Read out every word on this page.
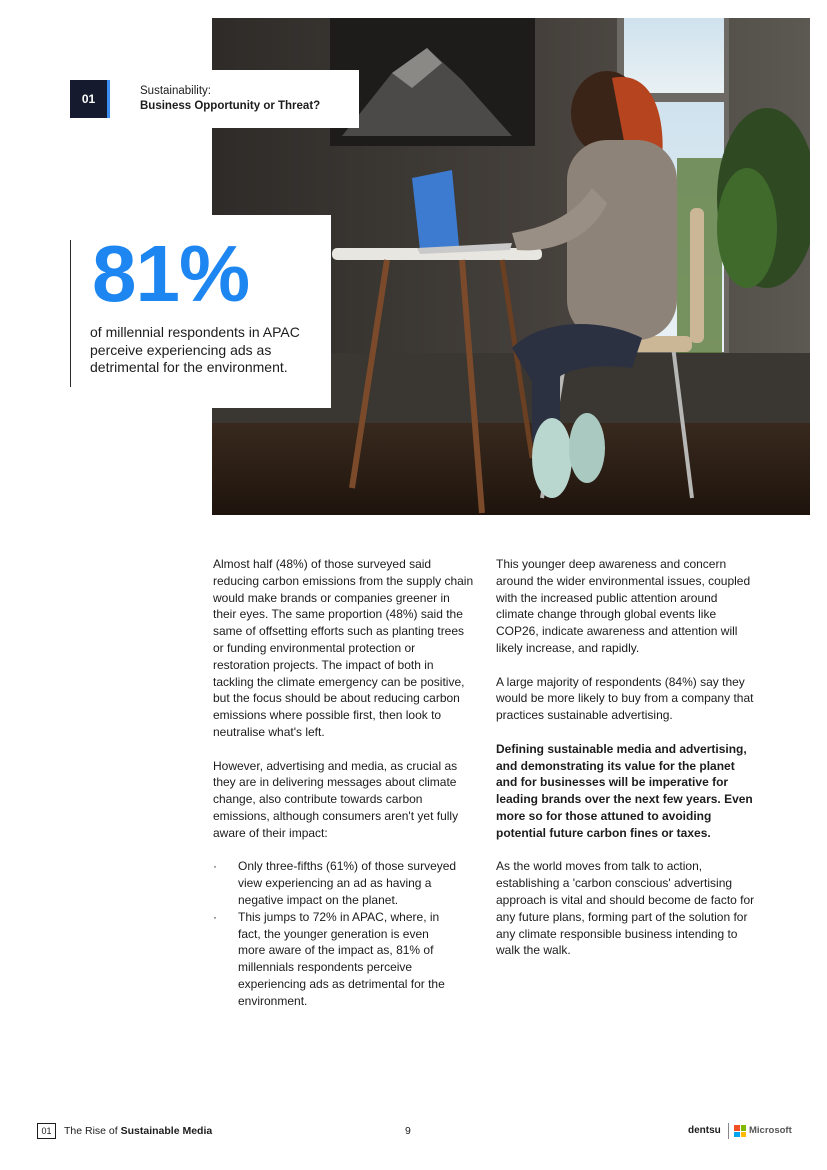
01
Sustainability:
Business Opportunity or Threat?
81%
of millennial respondents in APAC perceive experiencing ads as detrimental for the environment.

Almost half (48%) of those surveyed said reducing carbon emissions from the supply chain would make brands or companies greener in their eyes. The same proportion (48%) said the same of offsetting efforts such as planting trees or funding environmental protection or restoration projects. The impact of both in tackling the climate emergency can be positive, but the focus should be about reducing carbon emissions where possible first, then look to neutralise what's left.

However, advertising and media, as crucial as they are in delivering messages about climate change, also contribute towards carbon emissions, although consumers aren't yet fully aware of their impact:

· Only three-fifths (61%) of those surveyed view experiencing an ad as having a negative impact on the planet.
· This jumps to 72% in APAC, where, in fact, the younger generation is even more aware of the impact as, 81% of millennials respondents perceive experiencing ads as detrimental for the environment.

This younger deep awareness and concern around the wider environmental issues, coupled with the increased public attention around climate change through global events like COP26, indicate awareness and attention will likely increase, and rapidly.

A large majority of respondents (84%) say they would be more likely to buy from a company that practices sustainable advertising.

Defining sustainable media and advertising, and demonstrating its value for the planet and for businesses will be imperative for leading brands over the next few years. Even more so for those attuned to avoiding potential future carbon fines or taxes.

As the world moves from talk to action, establishing a 'carbon conscious' advertising approach is vital and should become de facto for any future plans, forming part of the solution for any climate responsible business intending to walk the walk.

01	The Rise of Sustainable Media	9	dentsu	Microsoft
